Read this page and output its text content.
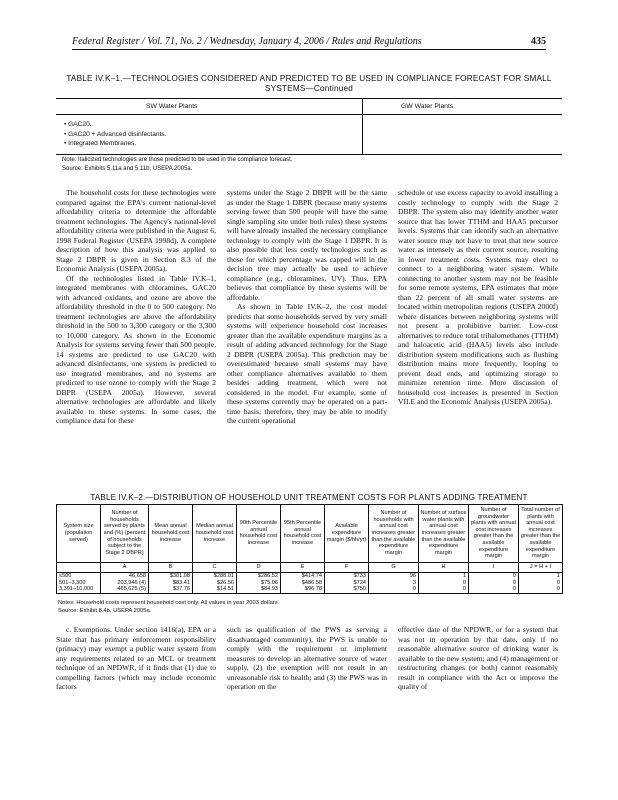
Federal Register / Vol. 71, No. 2 / Wednesday, January 4, 2006 / Rules and Regulations	435
TABLE IV.K–1.—TECHNOLOGIES CONSIDERED AND PREDICTED TO BE USED IN COMPLIANCE FORECAST FOR SMALL SYSTEMS—Continued
SW Water Plants	GW Water Plants
• GAC20.
• GAC20 + Advanced disinfectants.
• Integrated Membranes.
Note: Italicized technologies are those predicted to be used in the compliance forecast.
Source: Exhibits 5.11a and 5.11b, USEPA 2005a.

The household costs for these technologies were compared against the EPA's current national-level affordability criteria to determine the affordable treatment technologies. The Agency's national-level affordability criteria were published in the August 6, 1998 Federal Register (USEPA 1998d). A complete description of how this analysis was applied to Stage 2 DBPR is given in Section 8.3 of the Economic Analysis (USEPA 2005a).

Of the technologies listed in Table IV.K–1, integrated membranes with chloramines, GAC20 with advanced oxidants, and ozone are above the affordability threshold in the 0 to 500 category. No treatment technologies are above the affordability threshold in the 500 to 3,300 category or the 3,300 to 10,000 category. As shown in the Economic Analysis for systems serving fewer than 500 people, 14 systems are predicted to use GAC20 with advanced disinfectants, one system is predicted to use integrated membranes, and no systems are predicted to use ozone to comply with the Stage 2 DBPR (USEPA 2005a). However, several alternative technologies are affordable and likely available to these systems. In some cases, the compliance data for these

systems under the Stage 2 DBPR will be the same as under the Stage 1 DBPR (because many systems serving fewer than 500 people will have the same single sampling site under both rules) these systems will have already installed the necessary compliance technology to comply with the Stage 1 DBPR. It is also possible that less costly technologies such as those for which percentage was capped will in the decision tree may actually be used to achieve compliance (e.g., chloramines, UV). Thus, EPA believes that compliance by these systems will be affordable.

As shown in Table IV.K–2, the cost model predicts that some households served by very small systems will experience household cost increases greater than the available expenditure margins as a result of adding advanced technology for the Stage 2 DBPR (USEPA 2005a). This prediction may be overestimated because small systems may have other compliance alternatives available to them besides adding treatment, which were not considered in the model. For example, some of these systems currently may be operated on a part-time basis; therefore, they may be able to modify the current operational

schedule or use excess capacity to avoid installing a costly technology to comply with the Stage 2 DBPR. The system also may identify another water source that has lower TTHM and HAA5 precursor levels. Systems that can identify such an alternative water source may not have to treat that new source water as intensely as their current source, resulting in lower treatment costs. Systems may elect to connect to a neighboring water system. While connecting to another system may not be feasible for some remote systems, EPA estimates that more than 22 percent of all small water systems are located within metropolitan regions (USEPA 2000f) where distances between neighboring systems will not present a prohibitive barrier. Low-cost alternatives to reduce total trihalomethanes (TTHM) and haloacetic acid (HAA5) levels also include distribution system modifications such as flushing distribution mains more frequently, looping to prevent dead ends, and optimizing storage to minimize retention time. More discussion of household cost increases is presented in Section VII.E and the Economic Analysis (USEPA 2005a).

TABLE IV.K–2.—DISTRIBUTION OF HOUSEHOLD UNIT TREATMENT COSTS FOR PLANTS ADDING TREATMENT
System size (population served)	Number of households served by plants and (%) (percent of households subject to the Stage 2 DBPR)	Mean annual household cost increase	Median annual household cost increase	90th Percentile annual household cost increase	95th Percentile annual household cost increase	Available expenditure margin ($/hh/yr)	Number of households with annual cost increases greater than the available expenditure margin	Number of surface water plants with annual cost increases greater than the available expenditure margin	Number of groundwater plants with annual cost increases greater than the available expenditure margin	Total number of plants with annual cost increases greater than the available expenditure margin
	A	B	C	D	E	F	G	H	I	J = H + I
≤500	46,658	$301.08	$288.01	$286.52	$414.74	$733	96	1	0	1
501–3,300	203,946 (4)	$83.41	$26.56	$75.06	$486.58	$724	3	0	0	0
3,301–10,000	465,625 (5)	$37.76	$14.51	$84.93	$96.78	$750	0	0	0	0
Notes: Household costs represent household cost only. All values in year 2003 dollars.
Source: Exhibit 8.4b, USEPA 2005a.

c. Exemptions. Under section 1416(a), EPA or a State that has primary enforcement responsibility (primacy) may exempt a public water system from any requirements related to an MCL or treatment technique of an NPDWR, if it finds that (1) due to compelling factors (which may include economic factors

such as qualification of the PWS as serving a disadvantaged community), the PWS is unable to comply with the requirement or implement measures to develop an alternative source of water supply, (2) the exemption will not result in an unreasonable risk to health; and (3) the PWS was in operation on the

effective date of the NPDWR, or for a system that was not in operation by that date, only if no reasonable alternative source of drinking water is available to the new system; and (4) management or restructuring changes (or both) cannot reasonably result in compliance with the Act or improve the quality of
